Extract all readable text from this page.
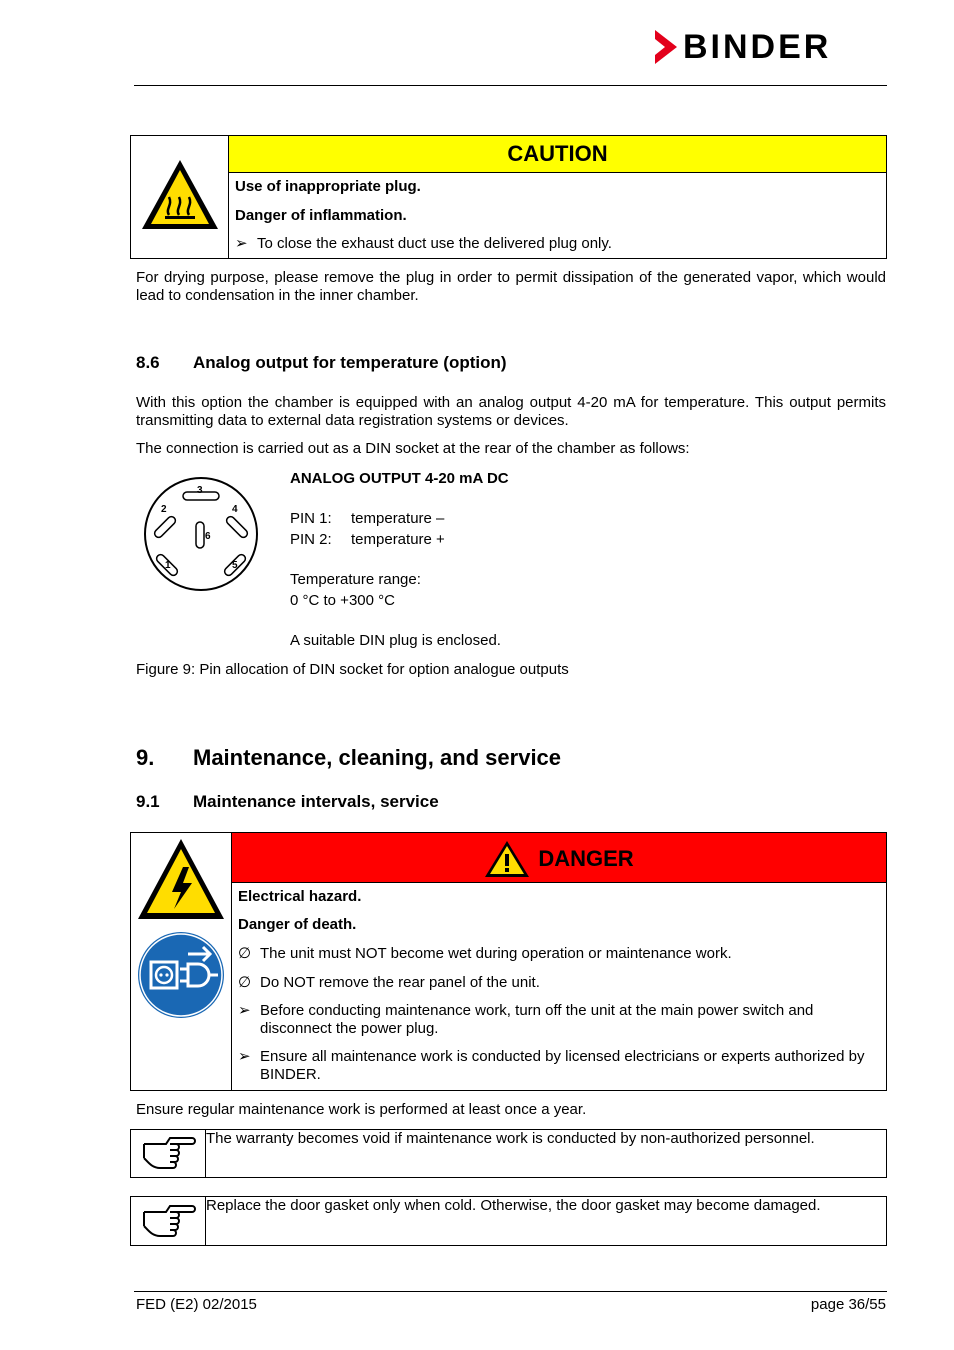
BINDER
	CAUTION

Use of inappropriate plug.
Danger of inflammation.
➢ To close the exhaust duct use the delivered plug only.
For drying purpose, please remove the plug in order to permit dissipation of the generated vapor, which would lead to condensation in the inner chamber.
8.6 Analog output for temperature (option)
With this option the chamber is equipped with an analog output 4-20 mA for temperature. This output permits transmitting data to external data registration systems or devices.
The connection is carried out as a DIN socket at the rear of the chamber as follows:
3
2	4
1	5
6
ANALOG OUTPUT 4-20 mA DC
PIN 1: temperature –
PIN 2: temperature +
Temperature range:
0 °C to +300 °C
A suitable DIN plug is enclosed.
Figure 9: Pin allocation of DIN socket for option analogue outputs
9. Maintenance, cleaning, and service
9.1 Maintenance intervals, service

DANGER

Electrical hazard.
Danger of death.
∅ The unit must NOT become wet during operation or maintenance work.
∅ Do NOT remove the rear panel of the unit.
➢ Before conducting maintenance work, turn off the unit at the main power switch and disconnect the power plug.
➢ Ensure all maintenance work is conducted by licensed electricians or experts authorized by BINDER.
Ensure regular maintenance work is performed at least once a year.
	The warranty becomes void if maintenance work is conducted by non-authorized personnel.
	Replace the door gasket only when cold. Otherwise, the door gasket may become damaged.
FED (E2) 02/2015	page 36/55
